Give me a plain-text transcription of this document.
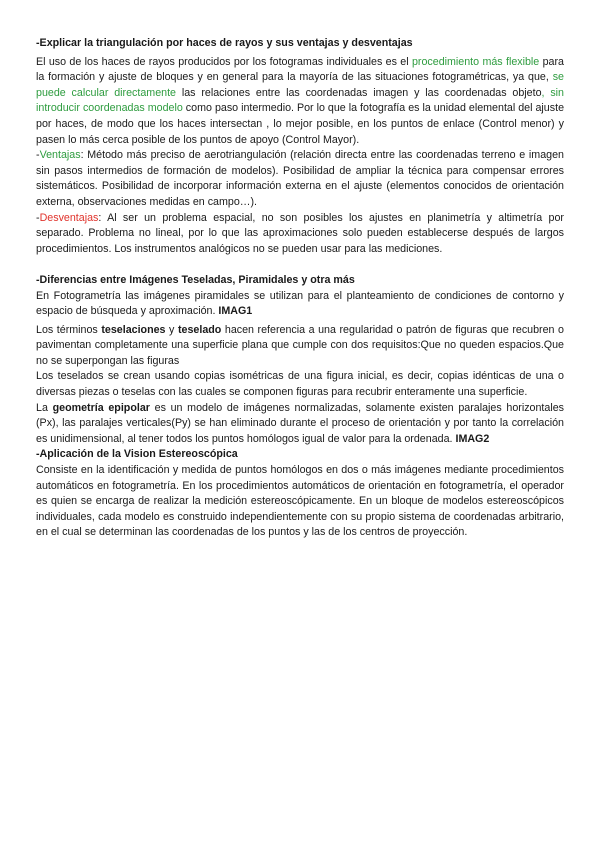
-Explicar la triangulación por haces de rayos y sus ventajas y desventajas

El uso de los haces de rayos producidos por los fotogramas individuales es el procedimiento más flexible para la formación y ajuste de bloques y en general para la mayoría de las situaciones fotogramétricas, ya que, se puede calcular directamente las relaciones entre las coordenadas imagen y las coordenadas objeto, sin introducir coordenadas modelo como paso intermedio. Por lo que la fotografía es la unidad elemental del ajuste por haces, de modo que los haces intersectan , lo mejor posible, en los puntos de enlace (Control menor) y pasen lo más cerca posible de los puntos de apoyo (Control Mayor).

-Ventajas: Método más preciso de aerotriangulación (relación directa entre las coordenadas terreno e imagen sin pasos intermedios de formación de modelos). Posibilidad de ampliar la técnica para compensar errores sistemáticos. Posibilidad de incorporar información externa en el ajuste (elementos conocidos de orientación externa, observaciones medidas en campo…).

-Desventajas: Al ser un problema espacial, no son posibles los ajustes en planimetría y altimetría por separado. Problema no lineal, por lo que las aproximaciones solo pueden establecerse después de largos procedimientos. Los instrumentos analógicos no se pueden usar para las mediciones.

-Diferencias entre Imágenes Teseladas, Piramidales y otra más

En Fotogrametría las imágenes piramidales se utilizan para el planteamiento de condiciones de contorno y espacio de búsqueda y aproximación. IMAG1

Los términos teselaciones y teselado hacen referencia a una regularidad o patrón de figuras que recubren o pavimentan completamente una superficie plana que cumple con dos requisitos:Que no queden espacios.Que no se superpongan las figuras

Los teselados se crean usando copias isométricas de una figura inicial, es decir, copias idénticas de una o diversas piezas o teselas con las cuales se componen figuras para recubrir enteramente una superficie.

La geometría epipolar es un modelo de imágenes normalizadas, solamente existen paralajes horizontales (Px), las paralajes verticales(Py) se han eliminado durante el proceso de orientación y por tanto la correlación es unidimensional, al tener todos los puntos homólogos igual de valor para la ordenada. IMAG2

-Aplicación de la Vision Estereoscópica

Consiste en la identificación y medida de puntos homólogos en dos o más imágenes mediante procedimientos automáticos en fotogrametría. En los procedimientos automáticos de orientación en fotogrametría, el operador es quien se encarga de realizar la medición estereoscópicamente. En un bloque de modelos estereoscópicos individuales, cada modelo es construido independientemente con su propio sistema de coordenadas arbitrario, en el cual se determinan las coordenadas de los puntos y las de los centros de proyección.
